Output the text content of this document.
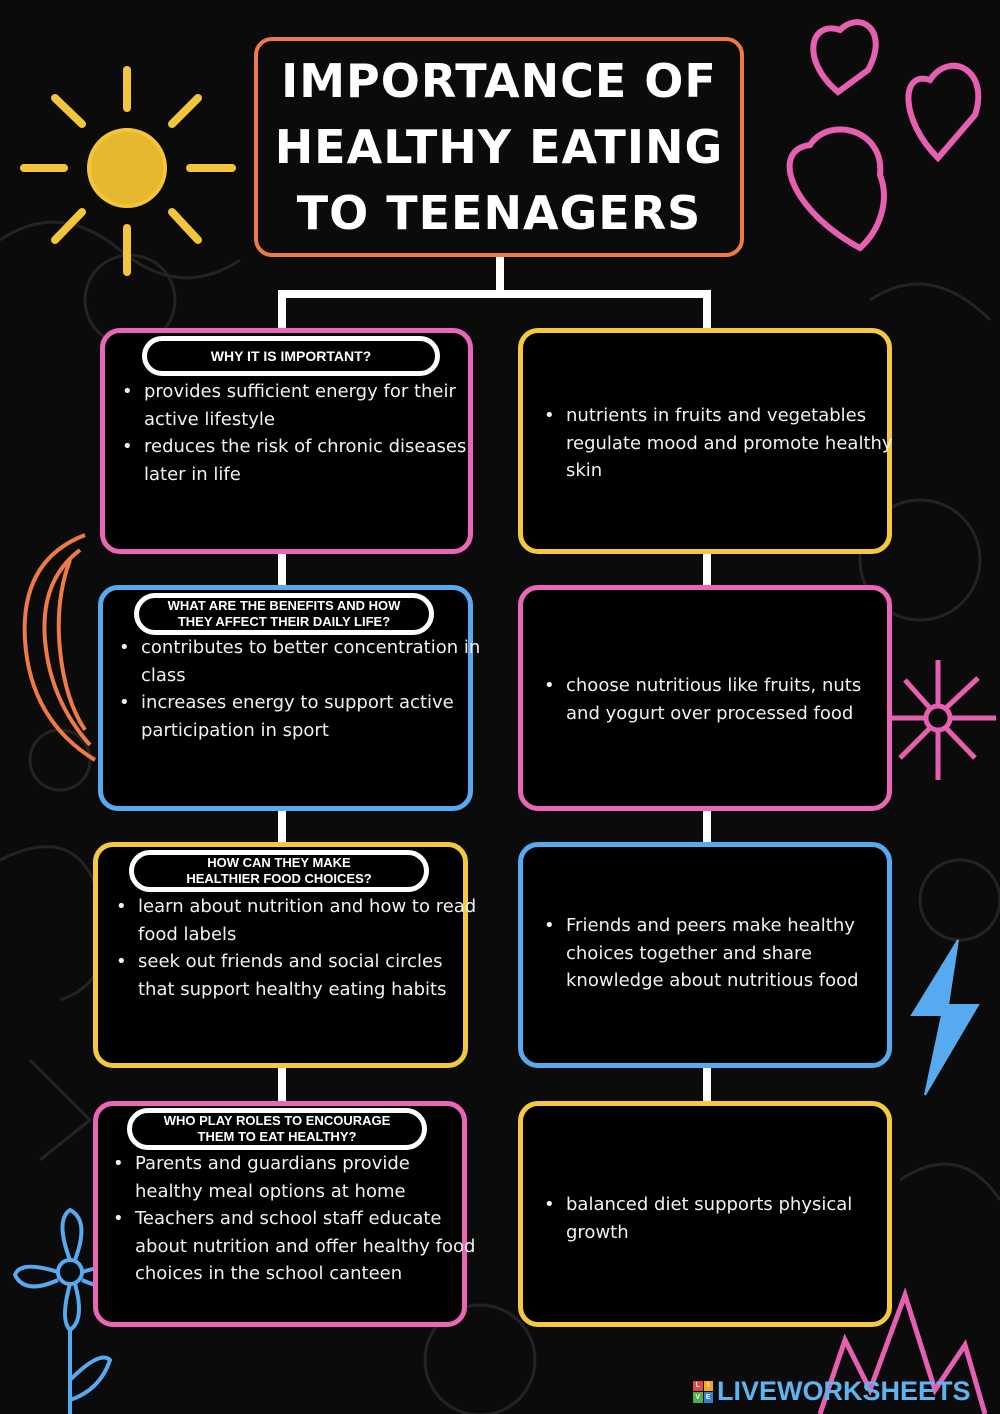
IMPORTANCE OF HEALTHY EATING TO TEENAGERS
WHY IT IS IMPORTANT?
• provides sufficient energy for their active lifestyle
• reduces the risk of chronic diseases later in life
• nutrients in fruits and vegetables regulate mood and promote healthy skin
WHAT ARE THE BENEFITS AND HOW
THEY AFFECT THEIR DAILY LIFE?
• contributes to better concentration in class
• increases energy to support active participation in sport
• choose nutritious like fruits, nuts and yogurt over processed food
HOW CAN THEY MAKE
HEALTHIER FOOD CHOICES?
• learn about nutrition and how to read food labels
• seek out friends and social circles that support healthy eating habits
• Friends and peers make healthy choices together and share knowledge about nutritious food
WHO PLAY ROLES TO ENCOURAGE
THEM TO EAT HEALTHY?
• Parents and guardians provide healthy meal options at home
• Teachers and school staff educate about nutrition and offer healthy food choices in the school canteen
• balanced diet supports physical growth
L	I
V E LIVEWORKSHEETS
